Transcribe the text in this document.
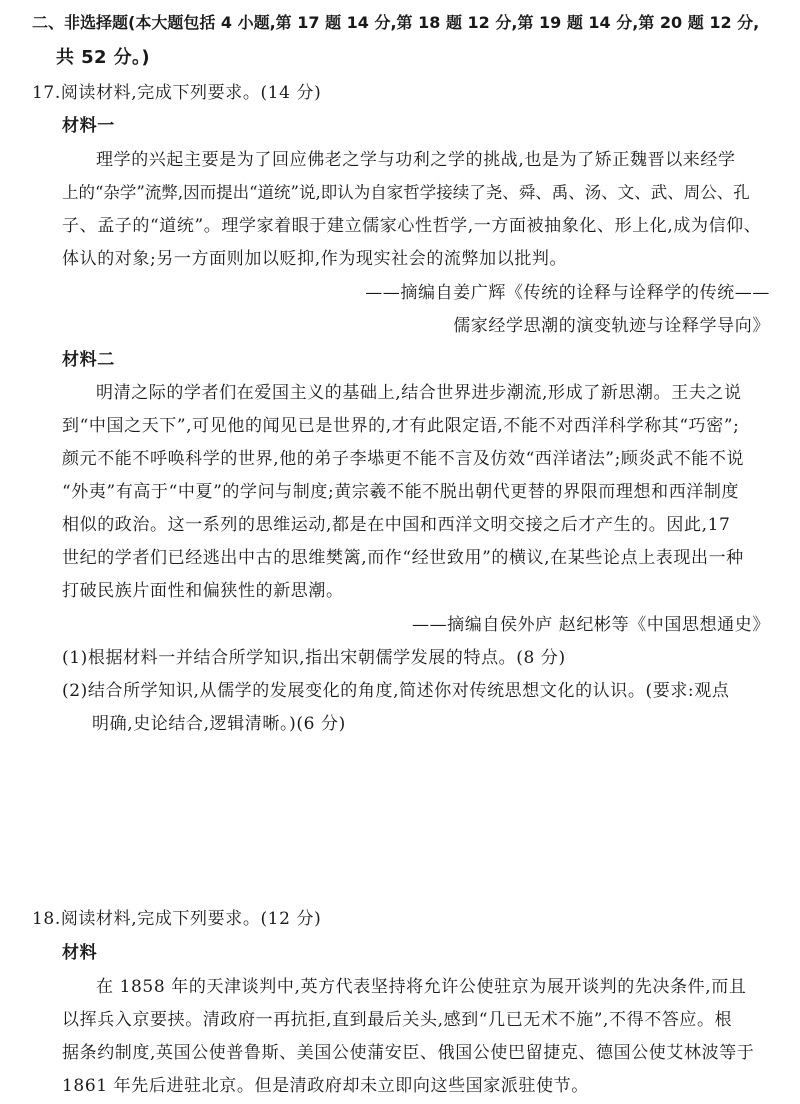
二、非选择题(本大题包括 4 小题,第 17 题 14 分,第 18 题 12 分,第 19 题 14 分,第 20 题 12 分,
共 52 分。)
17.阅读材料,完成下列要求。(14 分)
材料一
理学的兴起主要是为了回应佛老之学与功利之学的挑战,也是为了矫正魏晋以来经学
上的“杂学”流弊,因而提出“道统”说,即认为自家哲学接续了尧、舜、禹、汤、文、武、周公、孔
子、孟子的“道统”。理学家着眼于建立儒家心性哲学,一方面被抽象化、形上化,成为信仰、
体认的对象;另一方面则加以贬抑,作为现实社会的流弊加以批判。
——摘编自姜广辉《传统的诠释与诠释学的传统——
儒家经学思潮的演变轨迹与诠释学导向》
材料二
明清之际的学者们在爱国主义的基础上,结合世界进步潮流,形成了新思潮。王夫之说
到“中国之天下”,可见他的闻见已是世界的,才有此限定语,不能不对西洋科学称其“巧密”;
颜元不能不呼唤科学的世界,他的弟子李塨更不能不言及仿效“西洋诸法”;顾炎武不能不说
“外夷”有高于“中夏”的学问与制度;黄宗羲不能不脱出朝代更替的界限而理想和西洋制度
相似的政治。这一系列的思维运动,都是在中国和西洋文明交接之后才产生的。因此,17
世纪的学者们已经逃出中古的思维樊篱,而作“经世致用”的横议,在某些论点上表现出一种
打破民族片面性和偏狭性的新思潮。
——摘编自侯外庐 赵纪彬等《中国思想通史》
(1)根据材料一并结合所学知识,指出宋朝儒学发展的特点。(8 分)
(2)结合所学知识,从儒学的发展变化的角度,简述你对传统思想文化的认识。(要求:观点
明确,史论结合,逻辑清晰。)(6 分)
18.阅读材料,完成下列要求。(12 分)
材料
在 1858 年的天津谈判中,英方代表坚持将允许公使驻京为展开谈判的先决条件,而且
以挥兵入京要挟。清政府一再抗拒,直到最后关头,感到“几已无术不施”,不得不答应。根
据条约制度,英国公使普鲁斯、美国公使蒲安臣、俄国公使巴留捷克、德国公使艾林波等于
1861 年先后进驻北京。但是清政府却未立即向这些国家派驻使节。
